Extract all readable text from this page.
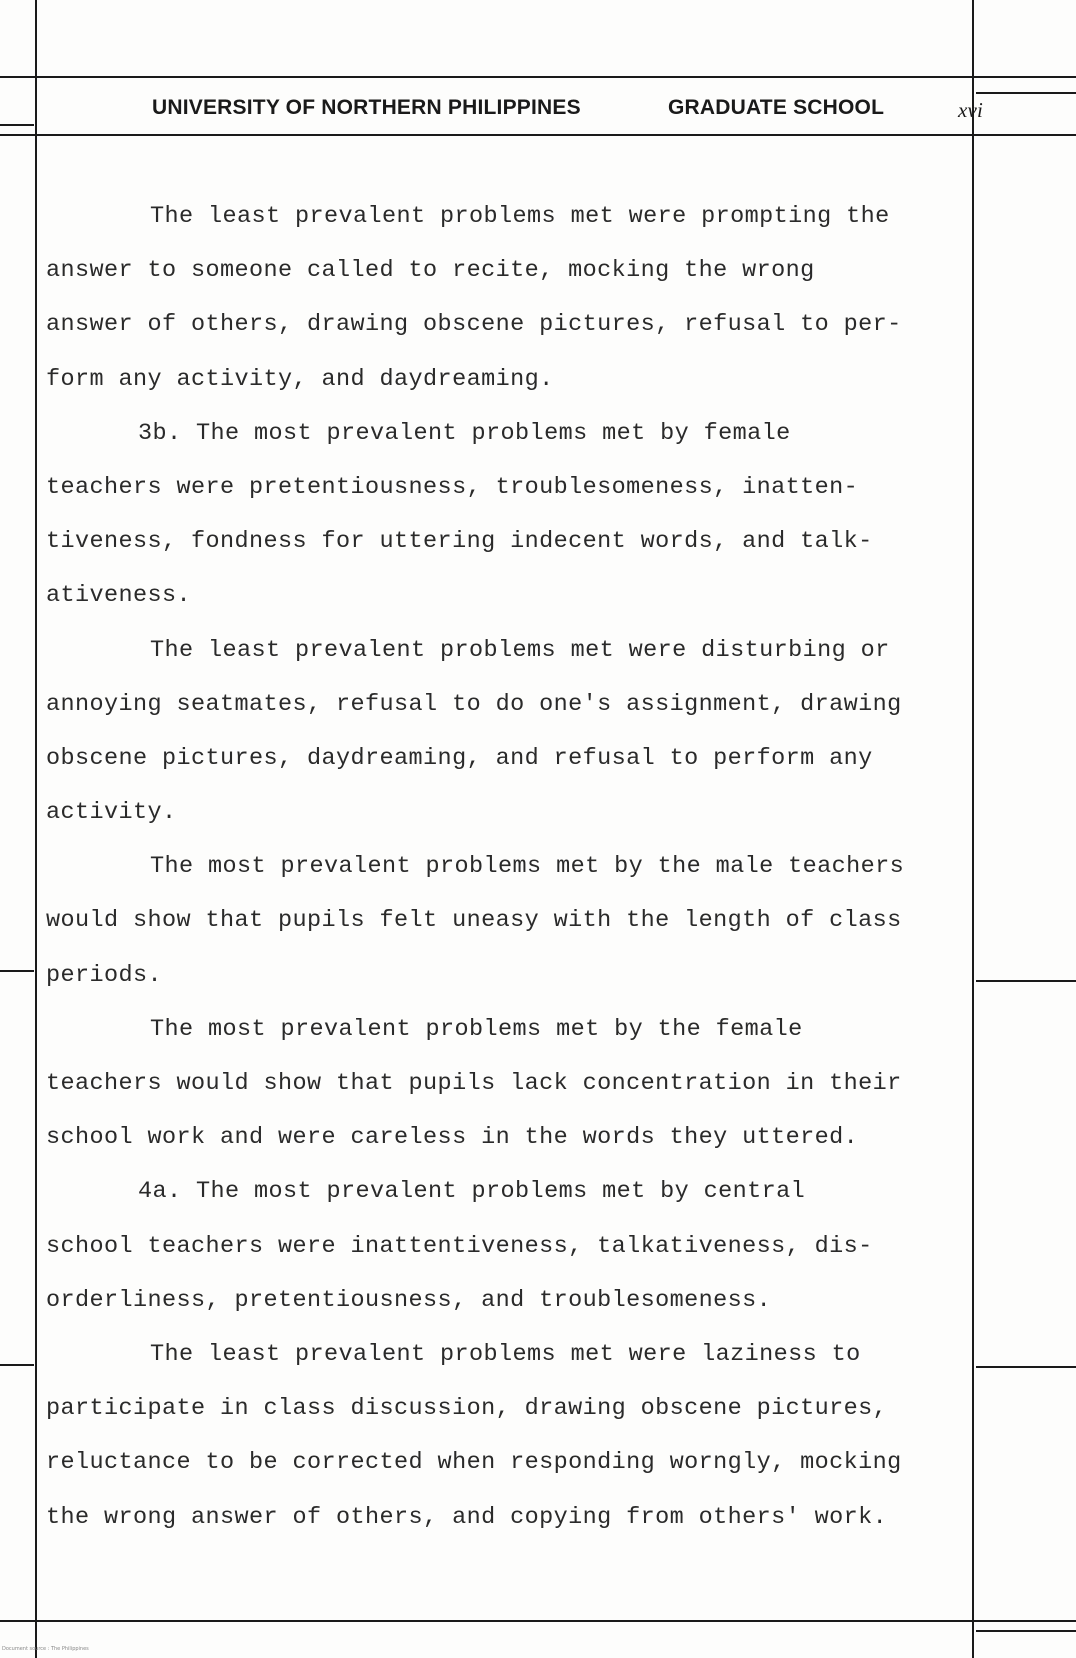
UNIVERSITY OF NORTHERN PHILIPPINES	GRADUATE SCHOOL	xvi
The least prevalent problems met were prompting the
answer to someone called to recite, mocking the wrong
answer of others, drawing obscene pictures, refusal to per-
form any activity, and daydreaming.
3b. The most prevalent problems met by female
teachers were pretentiousness, troublesomeness, inatten-
tiveness, fondness for uttering indecent words, and talk-
ativeness.
The least prevalent problems met were disturbing or
annoying seatmates, refusal to do one's assignment, drawing
obscene pictures, daydreaming, and refusal to perform any
activity.
The most prevalent problems met by the male teachers
would show that pupils felt uneasy with the length of class
periods.
The most prevalent problems met by the female
teachers would show that pupils lack concentration in their
school work and were careless in the words they uttered.
4a. The most prevalent problems met by central
school teachers were inattentiveness, talkativeness, dis-
orderliness, pretentiousness, and troublesomeness.
The least prevalent problems met were laziness to
participate in class discussion, drawing obscene pictures,
reluctance to be corrected when responding worngly, mocking
the wrong answer of others, and copying from others' work.
Document source : The Philippines
